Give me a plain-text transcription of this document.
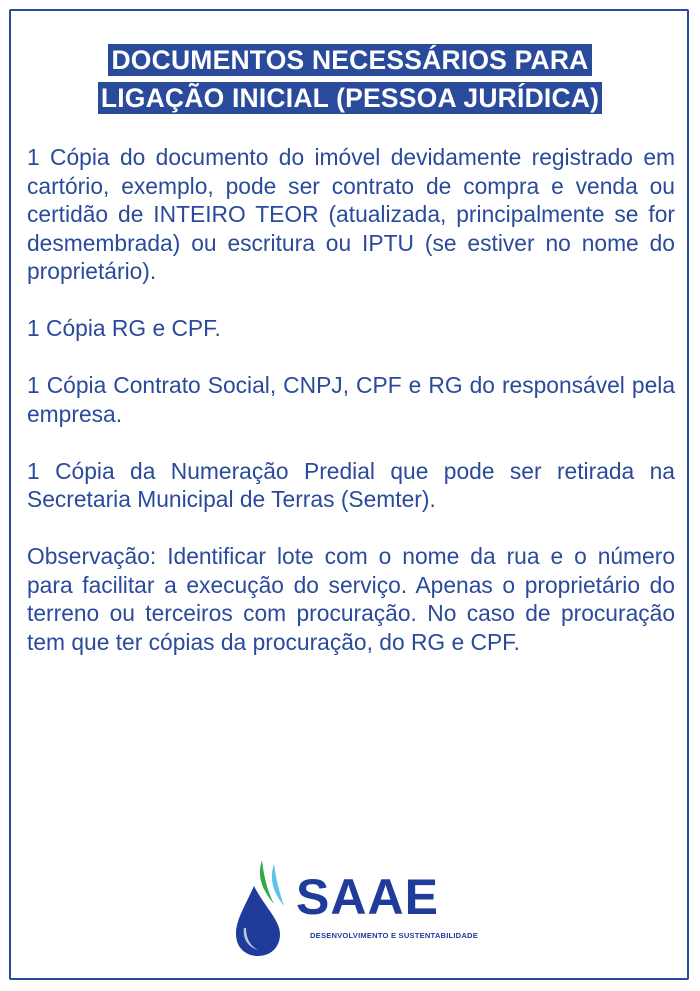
DOCUMENTOS NECESSÁRIOS PARA
LIGAÇÃO INICIAL (PESSOA JURÍDICA)

1 Cópia do documento do imóvel devidamente registrado em cartório, exemplo, pode ser contrato de compra e venda ou certidão de INTEIRO TEOR (atualizada, principalmente se for desmembrada) ou escritura ou IPTU (se estiver no nome do proprietário).

1 Cópia RG e CPF.

1 Cópia Contrato Social, CNPJ, CPF e RG do responsável pela empresa.

1 Cópia da Numeração Predial que pode ser retirada na Secretaria Municipal de Terras (Semter).

Observação: Identificar lote com o nome da rua e o número para facilitar a execução do serviço. Apenas o proprietário do terreno ou terceiros com procuração. No caso de procuração tem que ter cópias da procuração, do RG e CPF.

SAAE
DESENVOLVIMENTO E SUSTENTABILIDADE
